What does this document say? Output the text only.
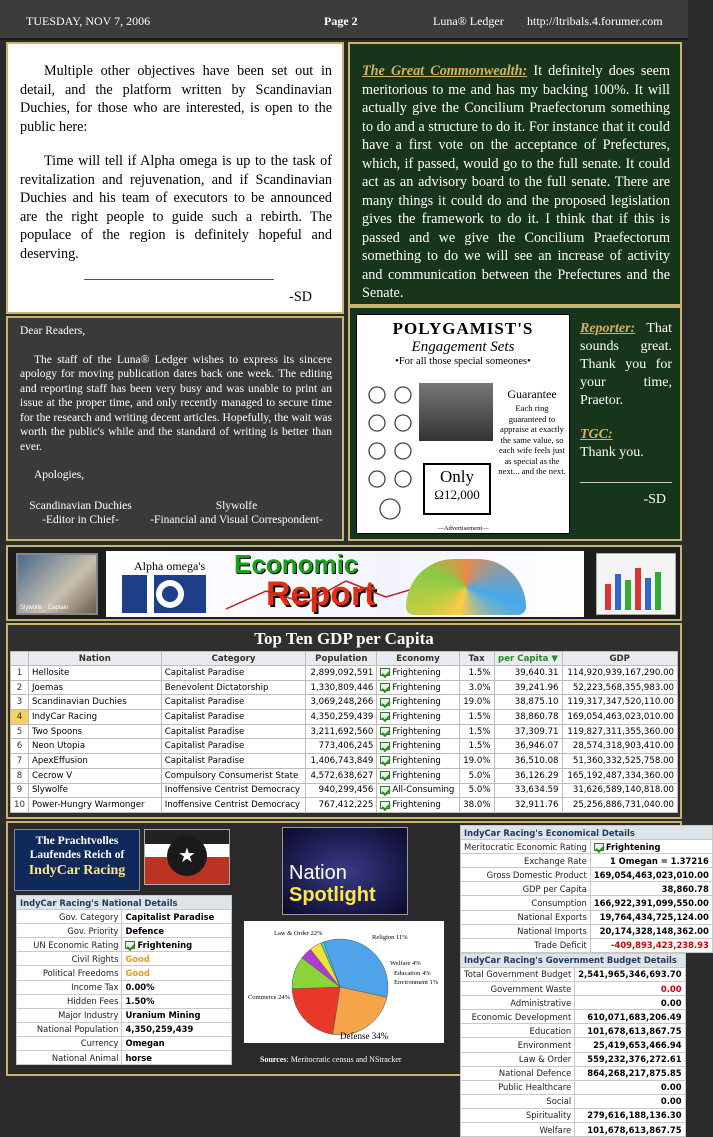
TUESDAY, NOV 7, 2006	Page 2	Luna® Ledger http://ltribals.4.forumer.com

Multiple other objectives have been set out in detail, and the platform written by Scandinavian Duchies, for those who are interested, is open to the public here:

Time will tell if Alpha omega is up to the task of revitalization and rejuvenation, and if Scandinavian Duchies and his team of executors to be announced are the right people to guide such a rebirth. The populace of the region is definitely hopeful and deserving.

-SD
The Great Commonwealth: It definitely does seem meritorious to me and has my backing 100%. It will actually give the Concilium Praefectorum something to do and a structure to do it. For instance that it could have a first vote on the acceptance of Prefectures, which, if passed, would go to the full senate. It could act as an advisory board to the full senate. There are many things it could do and the proposed legislation gives the framework to do it. I think that if this is passed and we give the Concilium Praefectorum something to do we will see an increase of activity and communication between the Prefectures and the Senate.
Dear Readers,
The staff of the Luna® Ledger wishes to express its sincere apology for moving publication dates back one week. The editing and reporting staff has been very busy and was unable to print an issue at the proper time, and only recently managed to secure time for the research and writing decent articles. Hopefully, the wait was worth the public's while and the standard of writing is better than ever.
Apologies,
Scandinavian Duchies
-Editor in Chief-
Slywolfe
-Financial and Visual Correspondent-
POLYGAMIST'S
Engagement Sets
•For all those special someones•
Guarantee
Each ring guaranteed to appraise at exactly the same value, so each wife feels just as special as the next... and the next.
Only
Ω12,000
—Advertisement—
Reporter: That sounds great. Thank you for your time, Praetor.
TGC:
Thank you.
-SD
Slywolfe · Captain
Alpha omega's Economic
Report
Top Ten GDP per Capita
	Nation	Category	Population	Economy	Tax	per Capita ▼	GDP
1	Hellosite	Capitalist Paradise	2,899,092,591	Frightening	1.5%	39,640.31	114,920,939,167,290.00
2	Joemas	Benevolent Dictatorship	1,330,809,446	Frightening	3.0%	39,241.96	52,223,568,355,983.00
3	Scandinavian Duchies	Capitalist Paradise	3,069,248,266	Frightening	19.0%	38,875.10	119,317,347,520,110.00
4	IndyCar Racing	Capitalist Paradise	4,350,259,439	Frightening	1.5%	38,860.78	169,054,463,023,010.00
5	Two Spoons	Capitalist Paradise	3,211,692,560	Frightening	1.5%	37,309.71	119,827,311,355,360.00
6	Neon Utopia	Capitalist Paradise	773,406,245	Frightening	1.5%	36,946.07	28,574,318,903,410.00
7	ApexEffusion	Capitalist Paradise	1,406,743,849	Frightening	19.0%	36,510.08	51,360,332,525,758.00
8	Cecrow V	Compulsory Consumerist State	4,572,638,627	Frightening	5.0%	36,126.29	165,192,487,334,360.00
9	Slywolfe	Inoffensive Centrist Democracy	940,299,456	All-Consuming	5.0%	33,634.59	31,626,589,140,818.00
10	Power-Hungry Warmonger	Inoffensive Centrist Democracy	767,412,225	Frightening	38.0%	32,911.76	25,256,886,731,040.00
The Prachtvolles
Laufendes Reich of
IndyCar Racing
★
IndyCar Racing's National Details	
Gov. Category	Capitalist Paradise
Gov. Priority	Defence
UN Economic Rating	Frightening
Civil Rights	Good
Political Freedoms	Good
Income Tax	0.00%
Hidden Fees	1.50%
Major Industry	Uranium Mining
National Population	4,350,259,439
Currency	Omegan
National Animal	horse
Nation
Spotlight
Defense 34%
Commerce 24%
Law & Order 22%
Religion 11%
Welfare 4%
Education 4%
Environment 1%
Sources: Meritocratic census and NStracker
IndyCar Racing's Economical Details	
Meritocratic Economic Rating	Frightening
Exchange Rate	1 Omegan = 1.37216
Gross Domestic Product	169,054,463,023,010.00
GDP per Capita	38,860.78
Consumption	166,922,391,099,550.00
National Exports	19,764,434,725,124.00
National Imports	20,174,328,148,362.00
Trade Deficit	-409,893,423,238.93
IndyCar Racing's Government Budget Details	
Total Government Budget	2,541,965,346,693.70
Government Waste	0.00
Administrative	0.00
Economic Development	610,071,683,206.49
Education	101,678,613,867.75
Environment	25,419,653,466.94
Law & Order	559,232,376,272.61
National Defence	864,268,217,875.85
Public Healthcare	0.00
Social	0.00
Spirituality	279,616,188,136.30
Welfare	101,678,613,867.75
